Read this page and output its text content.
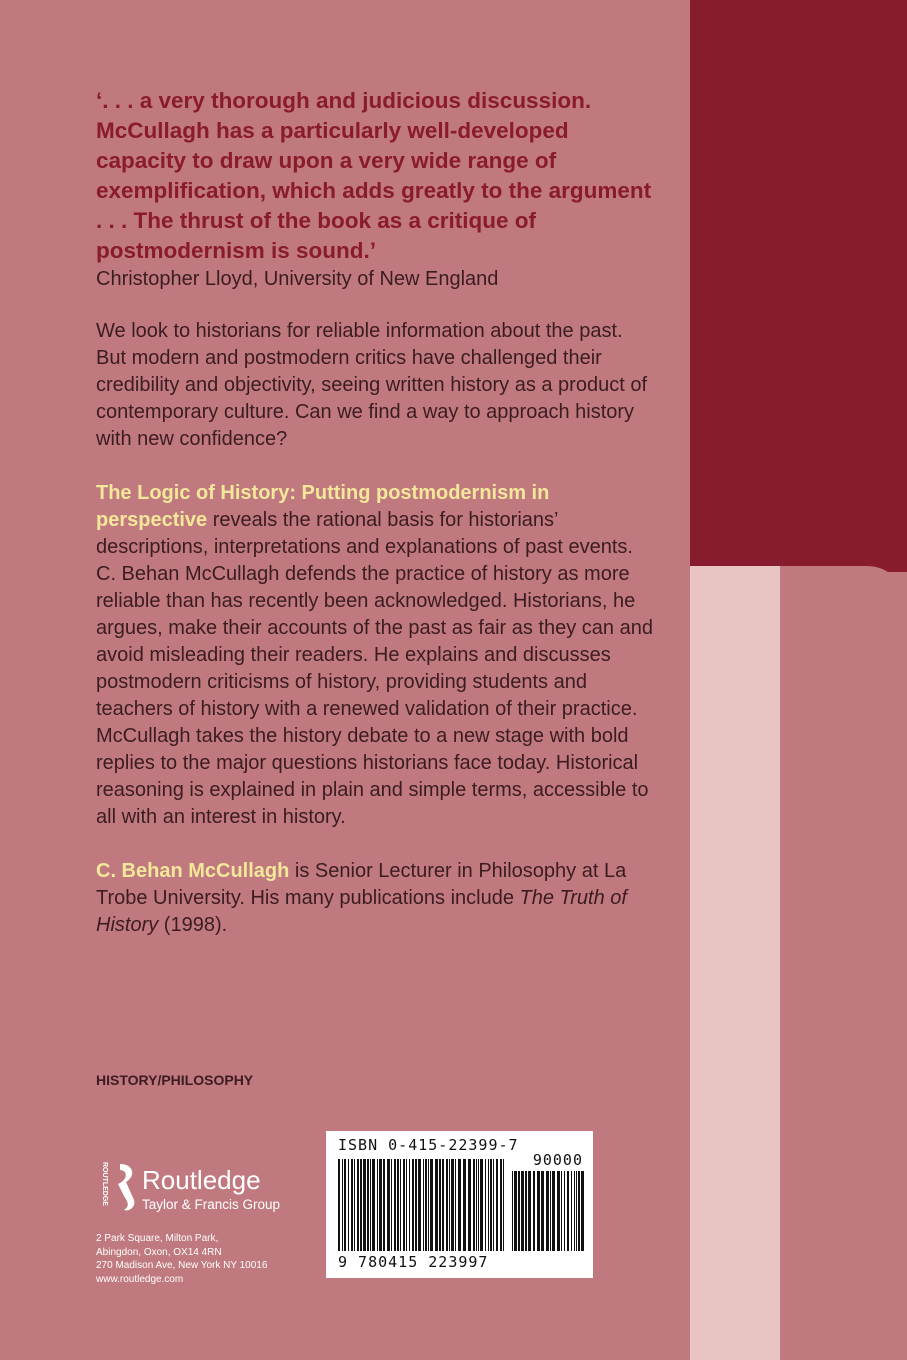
‘. . . a very thorough and judicious discussion. McCullagh has a particularly well-developed capacity to draw upon a very wide range of exemplification, which adds greatly to the argument . . . The thrust of the book as a critique of postmodernism is sound.’

Christopher Lloyd, University of New England

We look to historians for reliable information about the past. But modern and postmodern critics have challenged their credibility and objectivity, seeing written history as a product of contemporary culture. Can we find a way to approach history with new confidence?

The Logic of History: Putting postmodernism in perspective reveals the rational basis for historians’ descriptions, interpretations and explanations of past events. C. Behan McCullagh defends the practice of history as more reliable than has recently been acknowledged. Historians, he argues, make their accounts of the past as fair as they can and avoid misleading their readers. He explains and discusses postmodern criticisms of history, providing students and teachers of history with a renewed validation of their practice. McCullagh takes the history debate to a new stage with bold replies to the major questions historians face today. Historical reasoning is explained in plain and simple terms, accessible to all with an interest in history.

C. Behan McCullagh is Senior Lecturer in Philosophy at La Trobe University. His many publications include The Truth of History (1998).

HISTORY/PHILOSOPHY

ROUTLEDGE Routledge
Taylor & Francis Group
2 Park Square, Milton Park,
Abingdon, Oxon, OX14 4RN
270 Madison Ave, New York NY 10016
www.routledge.com
ISBN 0-415-22399-7
90000
9 780415 223997
